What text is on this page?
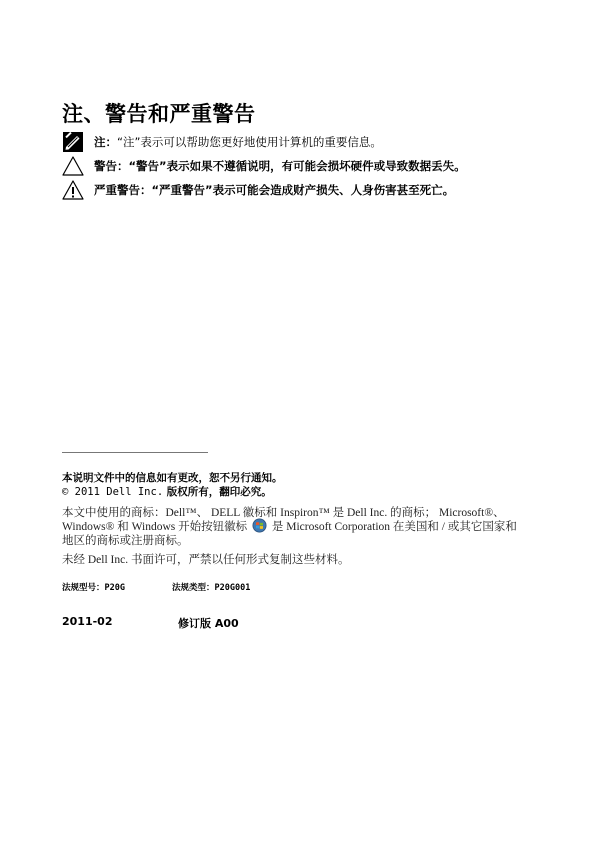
注、警告和严重警告
注： “注”表示可以帮助您更好地使用计算机的重要信息。
警告： “警告”表示如果不遵循说明，有可能会损坏硬件或导致数据丢失。
严重警告： “严重警告”表示可能会造成财产损失、人身伤害甚至死亡。
本说明文件中的信息如有更改，恕不另行通知。
© 2011 Dell Inc. 版权所有，翻印必究。
本文中使用的商标：Dell™、 DELL 徽标和 Inspiron™ 是 Dell Inc. 的商标； Microsoft®、
Windows® 和 Windows 开始按钮徽标  是 Microsoft Corporation 在美国和 / 或其它国家和
地区的商标或注册商标。
未经 Dell Inc. 书面许可，严禁以任何形式复制这些材料。
法规型号：P20G	法规类型：P20G001
2011-02	修订版 A00
